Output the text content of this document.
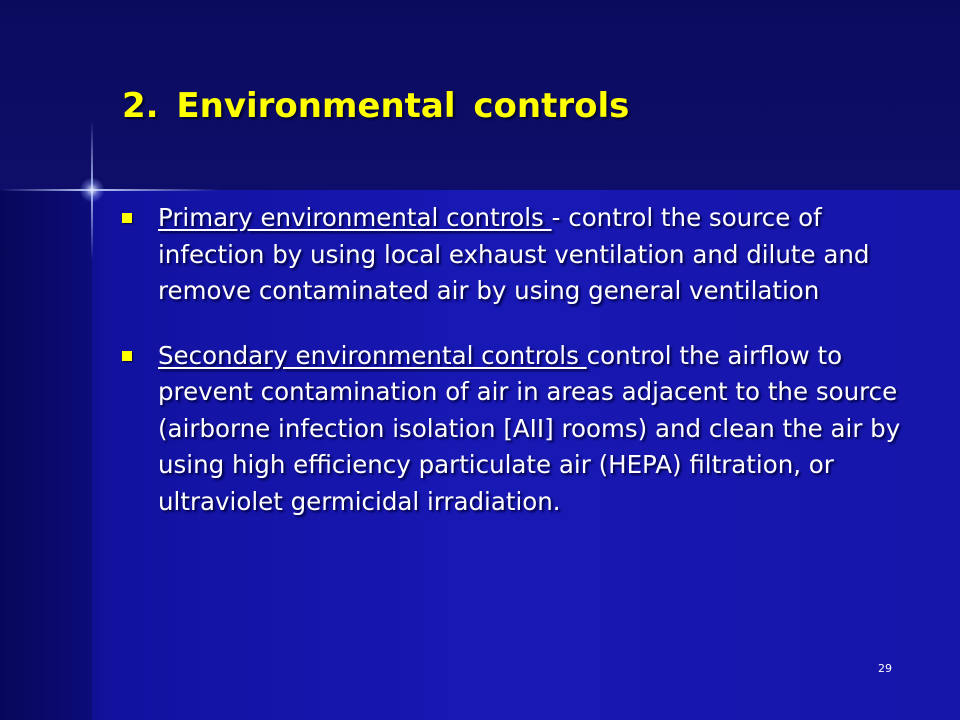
2. Environmental controls
Primary environmental controls - control the source of infection by using local exhaust ventilation and dilute and remove contaminated air by using general ventilation
Secondary environmental controls control the airflow to prevent contamination of air in areas adjacent to the source (airborne infection isolation [AII] rooms) and clean the air by using high efficiency particulate air (HEPA) filtration, or ultraviolet germicidal irradiation.
29
